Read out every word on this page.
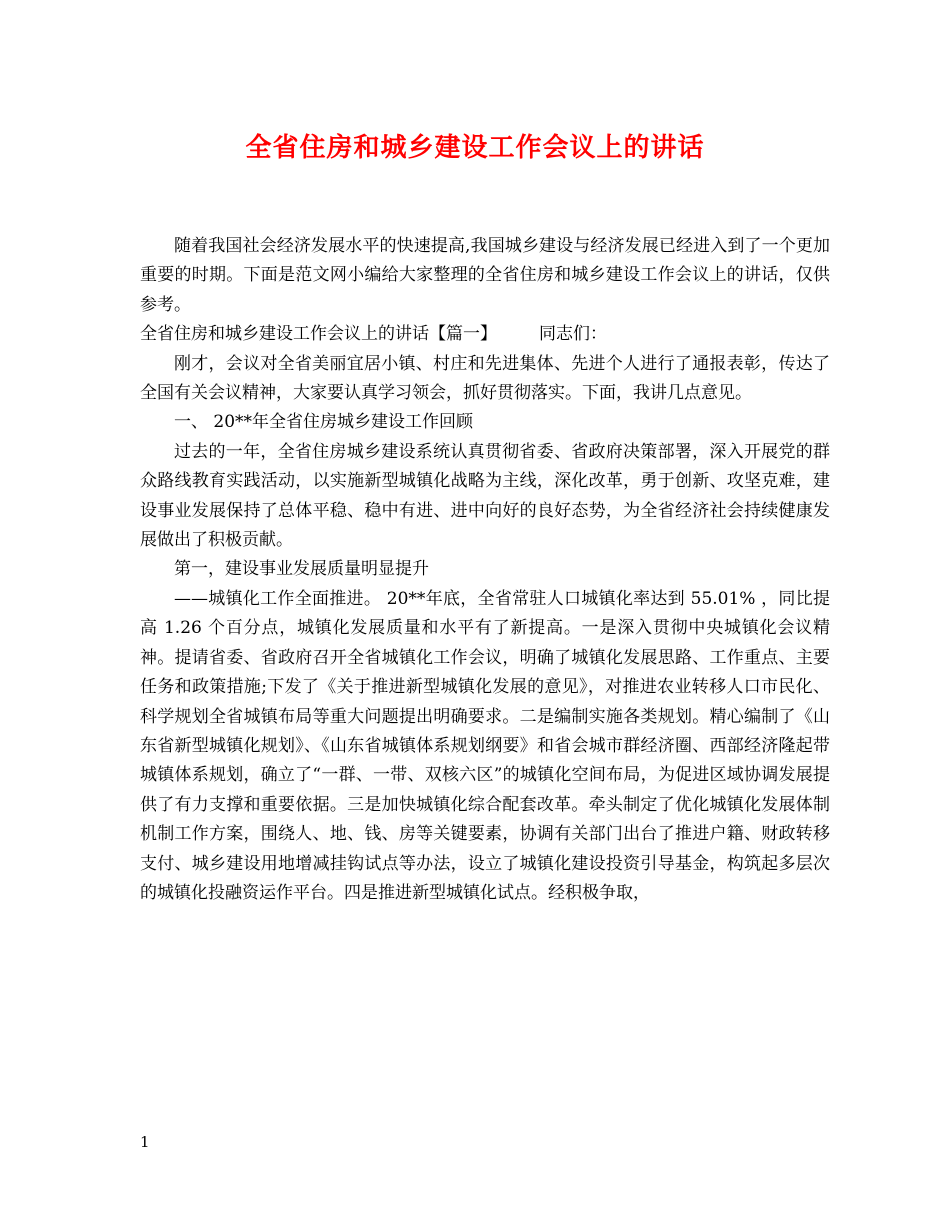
全省住房和城乡建设工作会议上的讲话

随着我国社会经济发展水平的快速提高,我国城乡建设与经济发展已经进入到了一个更加重要的时期。下面是范文网小编给大家整理的全省住房和城乡建设工作会议上的讲话，仅供参考。

全省住房和城乡建设工作会议上的讲话【篇一】 同志们：

刚才，会议对全省美丽宜居小镇、村庄和先进集体、先进个人进行了通报表彰，传达了全国有关会议精神，大家要认真学习领会，抓好贯彻落实。下面，我讲几点意见。

一、 20**年全省住房城乡建设工作回顾

过去的一年，全省住房城乡建设系统认真贯彻省委、省政府决策部署，深入开展党的群众路线教育实践活动，以实施新型城镇化战略为主线，深化改革，勇于创新、攻坚克难，建设事业发展保持了总体平稳、稳中有进、进中向好的良好态势，为全省经济社会持续健康发展做出了积极贡献。

第一，建设事业发展质量明显提升

——城镇化工作全面推进。 20**年底，全省常驻人口城镇化率达到 55.01% ，同比提高 1.26 个百分点，城镇化发展质量和水平有了新提高。一是深入贯彻中央城镇化会议精神。提请省委、省政府召开全省城镇化工作会议，明确了城镇化发展思路、工作重点、主要任务和政策措施;下发了《关于推进新型城镇化发展的意见》，对推进农业转移人口市民化、科学规划全省城镇布局等重大问题提出明确要求。二是编制实施各类规划。精心编制了《山东省新型城镇化规划》、《山东省城镇体系规划纲要》和省会城市群经济圈、西部经济隆起带城镇体系规划，确立了“一群、一带、双核六区”的城镇化空间布局，为促进区域协调发展提供了有力支撑和重要依据。三是加快城镇化综合配套改革。牵头制定了优化城镇化发展体制机制工作方案，围绕人、地、钱、房等关键要素，协调有关部门出台了推进户籍、财政转移支付、城乡建设用地增减挂钩试点等办法，设立了城镇化建设投资引导基金，构筑起多层次的城镇化投融资运作平台。四是推进新型城镇化试点。经积极争取，

1
